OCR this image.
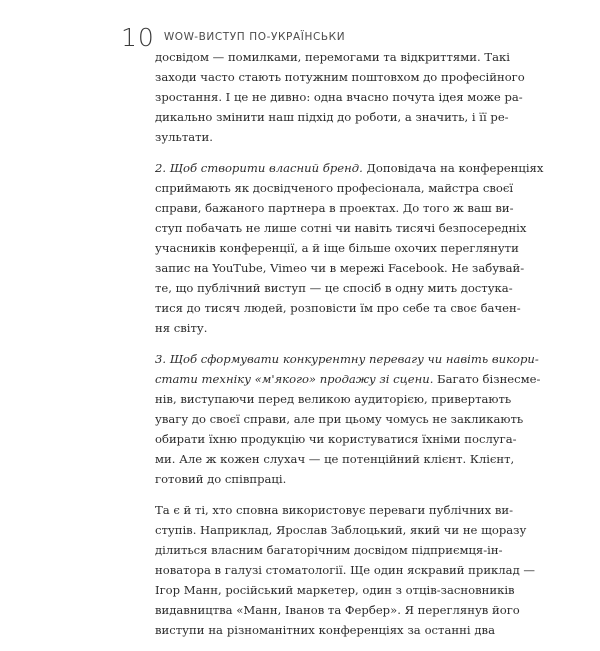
10 WOW-ВИСТУП ПО-УКРАЇНСЬКИ
досвідом — помилками, перемогами та відкриттями. Такі
заходи часто стають потужним поштовхом до професійного
зростання. І це не дивно: одна вчасно почута ідея може ра-
дикально змінити наш підхід до роботи, а значить, і її ре-
зультати.
2. Щоб створити власний бренд. Доповідача на конференціях
сприймають як досвідченого професіонала, майстра своєї
справи, бажаного партнера в проектах. До того ж ваш ви-
ступ побачать не лише сотні чи навіть тисячі безпосередніх
учасників конференції, а й іще більше охочих переглянути
запис на YouTube, Vimeo чи в мережі Facebook. Не забувай-
те, що публічний виступ — це спосіб в одну мить достука-
тися до тисяч людей, розповісти їм про себе та своє бачен-
ня світу.
3. Щоб сформувати конкурентну перевагу чи навіть викори-
стати техніку «м'якого» продажу зі сцени. Багато бізнесме-
нів, виступаючи перед великою аудиторією, привертають
увагу до своєї справи, але при цьому чомусь не закликають
обирати їхню продукцію чи користуватися їхніми послуга-
ми. Але ж кожен слухач — це потенційний клієнт. Клієнт,
готовий до співпраці.
Та є й ті, хто сповна використовує переваги публічних ви-
ступів. Наприклад, Ярослав Заблоцький, який чи не щоразу
ділиться власним багаторічним досвідом підприємця-ін-
новатора в галузі стоматології. Ще один яскравий приклад —
Ігор Манн, російський маркетер, один з отців-засновників
видавництва «Манн, Іванов та Фербер». Я переглянув його
виступи на різноманітних конференціях за останні два
